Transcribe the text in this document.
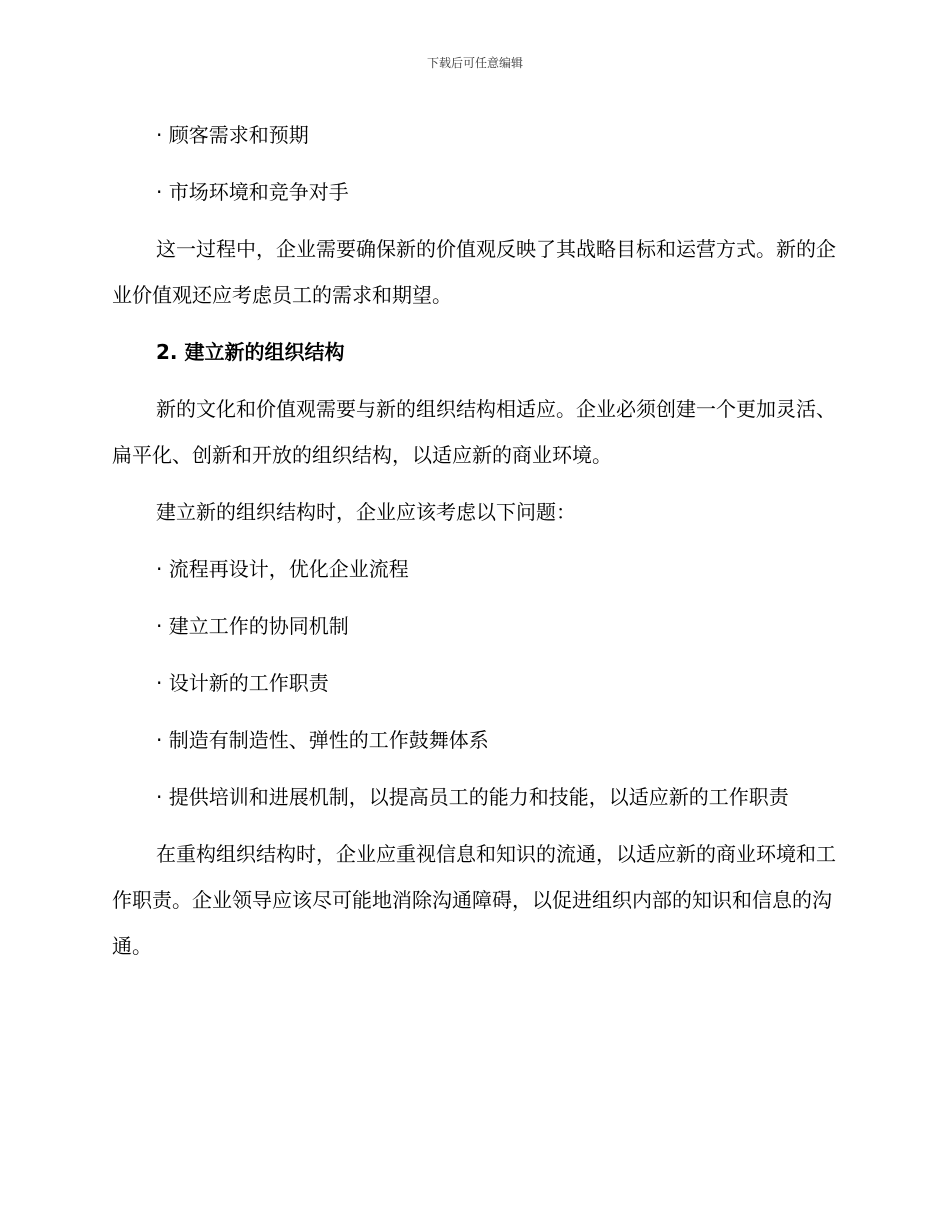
下载后可任意编辑

· 顾客需求和预期

· 市场环境和竞争对手

这一过程中，企业需要确保新的价值观反映了其战略目标和运营方式。新的企业价值观还应考虑员工的需求和期望。

2. 建立新的组织结构

新的文化和价值观需要与新的组织结构相适应。企业必须创建一个更加灵活、扁平化、创新和开放的组织结构，以适应新的商业环境。

建立新的组织结构时，企业应该考虑以下问题：

· 流程再设计，优化企业流程

· 建立工作的协同机制

· 设计新的工作职责

· 制造有制造性、弹性的工作鼓舞体系

· 提供培训和进展机制，以提高员工的能力和技能，以适应新的工作职责

在重构组织结构时，企业应重视信息和知识的流通，以适应新的商业环境和工作职责。企业领导应该尽可能地消除沟通障碍，以促进组织内部的知识和信息的沟通。
